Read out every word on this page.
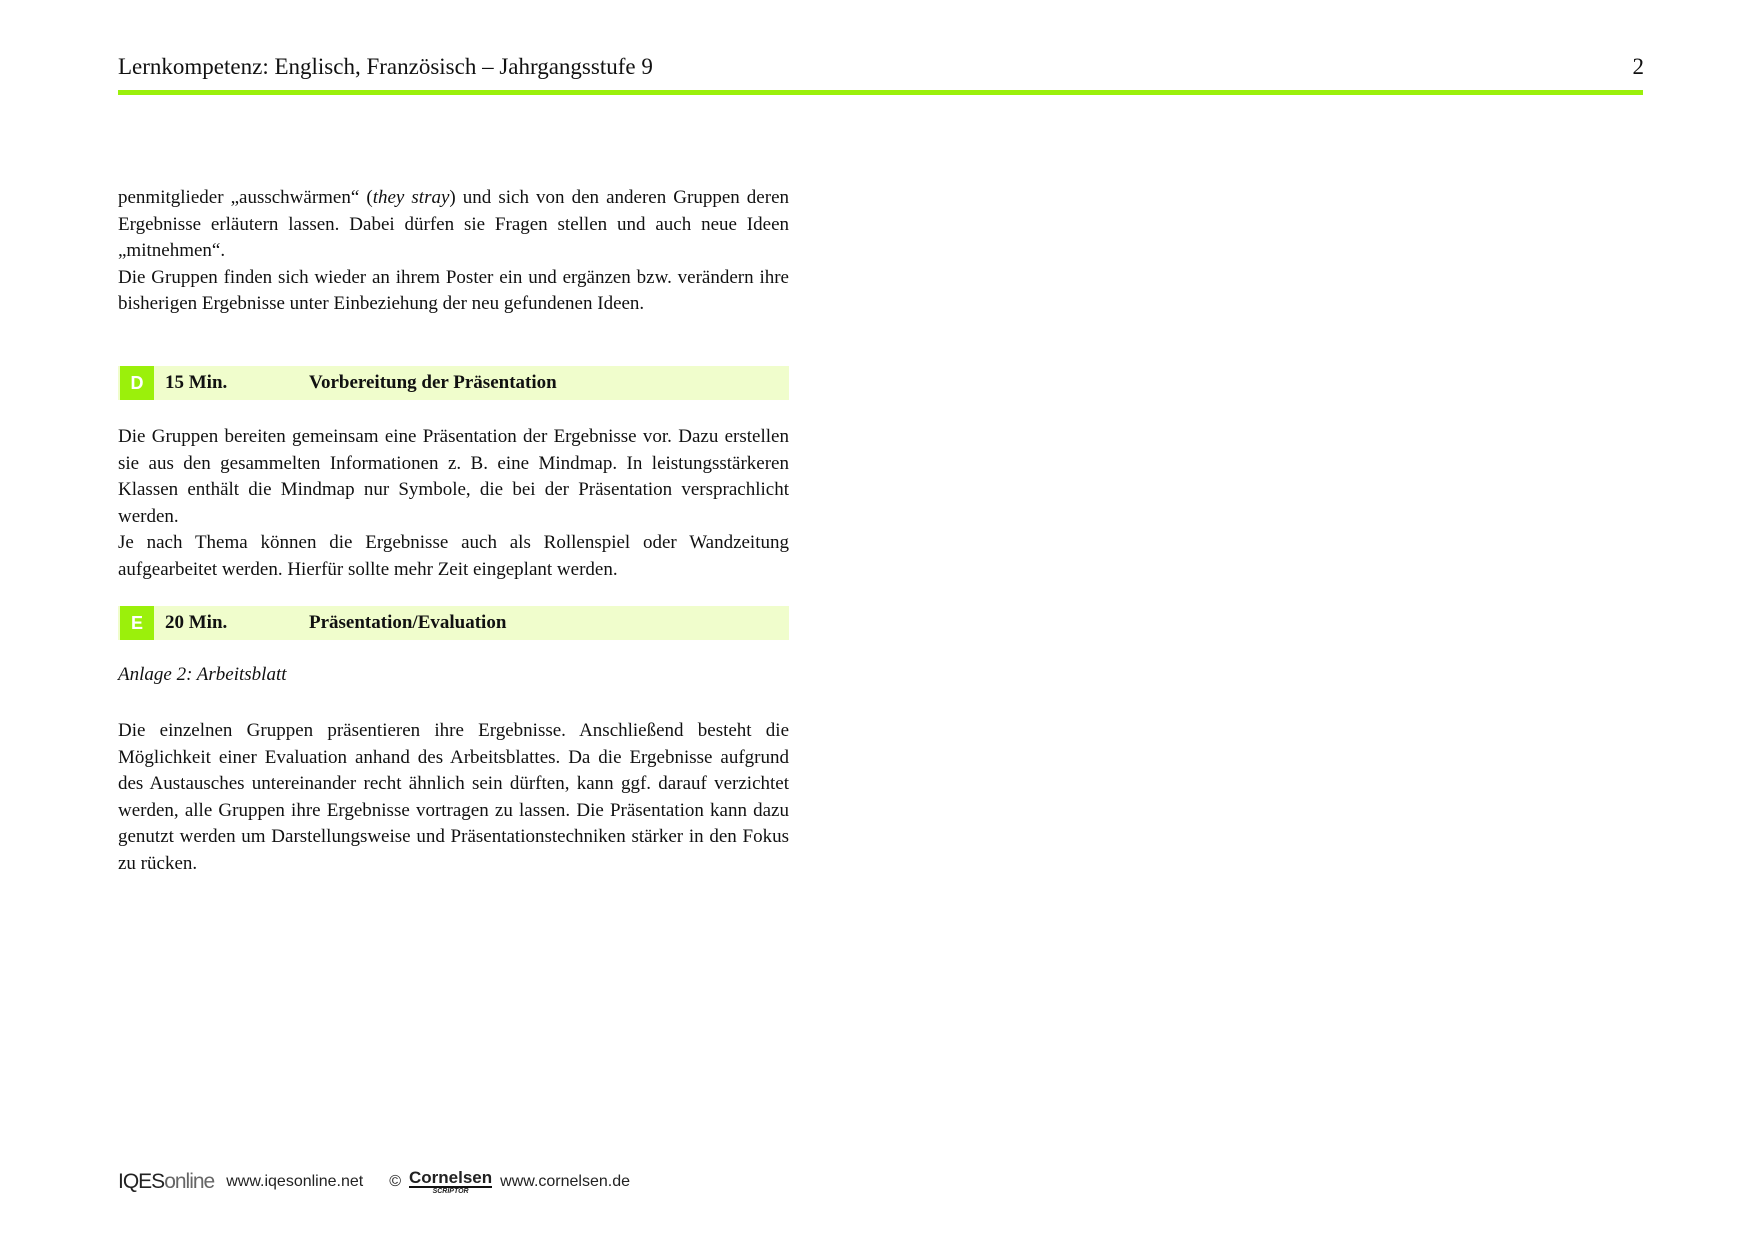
Lernkompetenz: Englisch, Französisch – Jahrgangsstufe 9	2

penmitglieder „ausschwärmen“ (they stray) und sich von den anderen Gruppen deren Ergebnisse erläutern lassen. Dabei dürfen sie Fragen stellen und auch neue Ideen „mitnehmen“.

Die Gruppen finden sich wieder an ihrem Poster ein und ergänzen bzw. verändern ihre bisherigen Ergebnisse unter Einbeziehung der neu gefundenen Ideen.

D	15 Min.	Vorbereitung der Präsentation

Die Gruppen bereiten gemeinsam eine Präsentation der Ergebnisse vor. Dazu erstellen sie aus den gesammelten Informationen z. B. eine Mindmap. In leistungsstärkeren Klassen enthält die Mindmap nur Symbole, die bei der Präsentation versprachlicht werden.

Je nach Thema können die Ergebnisse auch als Rollenspiel oder Wandzeitung aufgearbeitet werden. Hierfür sollte mehr Zeit eingeplant werden.

E	20 Min.	Präsentation/Evaluation
Anlage 2: Arbeitsblatt

Die einzelnen Gruppen präsentieren ihre Ergebnisse. Anschließend besteht die Möglichkeit einer Evaluation anhand des Arbeitsblattes. Da die Ergebnisse aufgrund des Austausches untereinander recht ähnlich sein dürften, kann ggf. darauf verzichtet werden, alle Gruppen ihre Ergebnisse vortragen zu lassen. Die Präsentation kann dazu genutzt werden um Darstellungsweise und Präsentationstechniken stärker in den Fokus zu rücken.

IQESonline www.iqesonline.net © Cornelsen
SCRIPTOR
www.cornelsen.de
